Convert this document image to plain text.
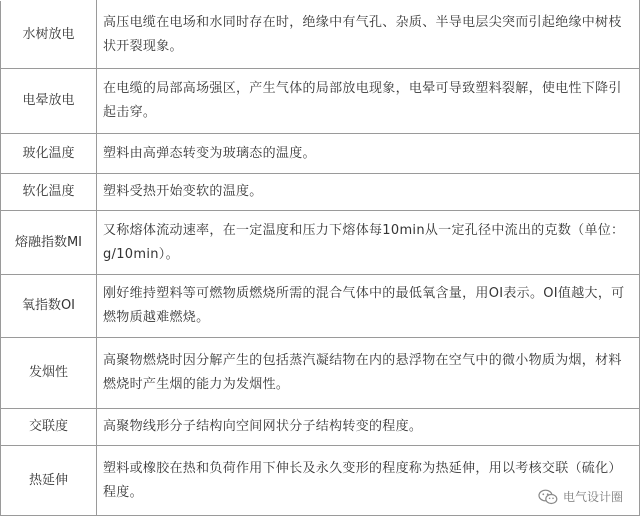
水树放电	高压电缆在电场和水同时存在时，绝缘中有气孔、杂质、半导电层尖突而引起绝缘中树枝状开裂现象。
电晕放电	在电缆的局部高场强区，产生气体的局部放电现象，电晕可导致塑料裂解，使电性下降引起击穿。
玻化温度	塑料由高弹态转变为玻璃态的温度。
软化温度	塑料受热开始变软的温度。
熔融指数MI	又称熔体流动速率，在一定温度和压力下熔体每10min从一定孔径中流出的克数（单位：g/10min）。
氧指数OI	刚好维持塑料等可燃物质燃烧所需的混合气体中的最低氧含量，用OI表示。OI值越大，可燃物质越难燃烧。
发烟性	高聚物燃烧时因分解产生的包括蒸汽凝结物在内的悬浮物在空气中的微小物质为烟，材料燃烧时产生烟的能力为发烟性。
交联度	高聚物线形分子结构向空间网状分子结构转变的程度。
热延伸	塑料或橡胶在热和负荷作用下伸长及永久变形的程度称为热延伸，用以考核交联（硫化）程度。	电气设计圈
